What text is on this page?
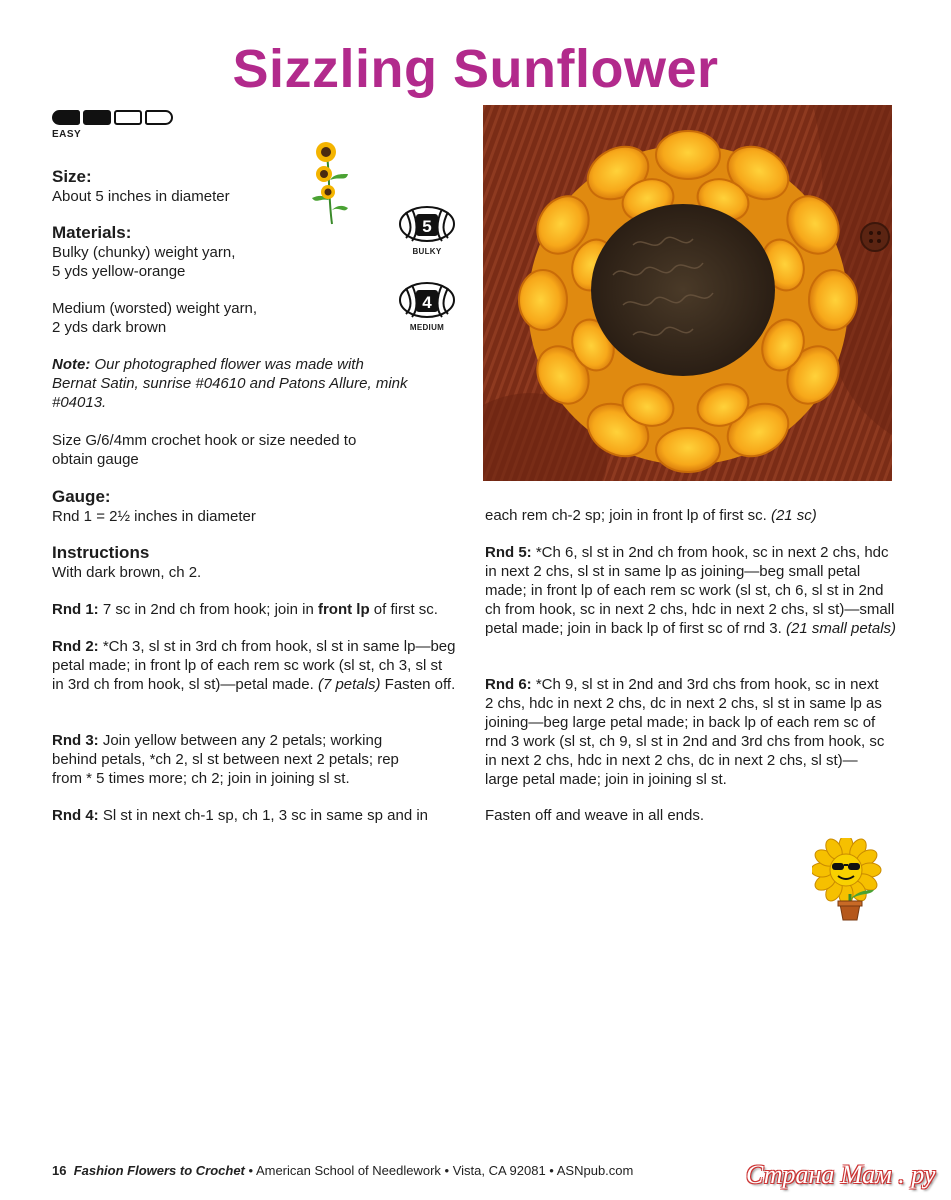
Sizzling Sunflower
EASY

Size:

About 5 inches in diameter

Materials:

Bulky (chunky) weight yarn,

5 yds yellow-orange

Medium (worsted) weight yarn,

2 yds dark brown

Note: Our photographed flower was made with Bernat Satin, sunrise #04610 and Patons Allure, mink #04013.
Size G/6/4mm crochet hook or size needed to obtain gauge
5
BULKY
4
MEDIUM

Gauge:

Rnd 1 = 2½ inches in diameter

Instructions

With dark brown, ch 2.

Rnd 1: 7 sc in 2nd ch from hook; join in front lp of first sc.
Rnd 2: *Ch 3, sl st in 3rd ch from hook, sl st in same lp—beg petal made; in front lp of each rem sc work (sl st, ch 3, sl st in 3rd ch from hook, sl st)—petal made. (7 petals) Fasten off.
Rnd 3: Join yellow between any 2 petals; working behind petals, *ch 2, sl st between next 2 petals; rep from * 5 times more; ch 2; join in joining sl st.
Rnd 4: Sl st in next ch-1 sp, ch 1, 3 sc in same sp and in
each rem ch-2 sp; join in front lp of first sc. (21 sc)
Rnd 5: *Ch 6, sl st in 2nd ch from hook, sc in next 2 chs, hdc in next 2 chs, sl st in same lp as joining—beg small petal made; in front lp of each rem sc work (sl st, ch 6, sl st in 2nd ch from hook, sc in next 2 chs, hdc in next 2 chs, sl st)—small petal made; join in back lp of first sc of rnd 3. (21 small petals)
Rnd 6: *Ch 9, sl st in 2nd and 3rd chs from hook, sc in next 2 chs, hdc in next 2 chs, dc in next 2 chs, sl st in same lp as joining—beg large petal made; in back lp of each rem sc of rnd 3 work (sl st, ch 9, sl st in 2nd and 3rd chs from hook, sc in next 2 chs, hdc in next 2 chs, dc in next 2 chs, sl st)—large petal made; join in joining sl st.
Fasten off and weave in all ends.
16 Fashion Flowers to Crochet • American School of Needlework • Vista, CA 92081 • ASNpub.com	Страна Мам . ру
